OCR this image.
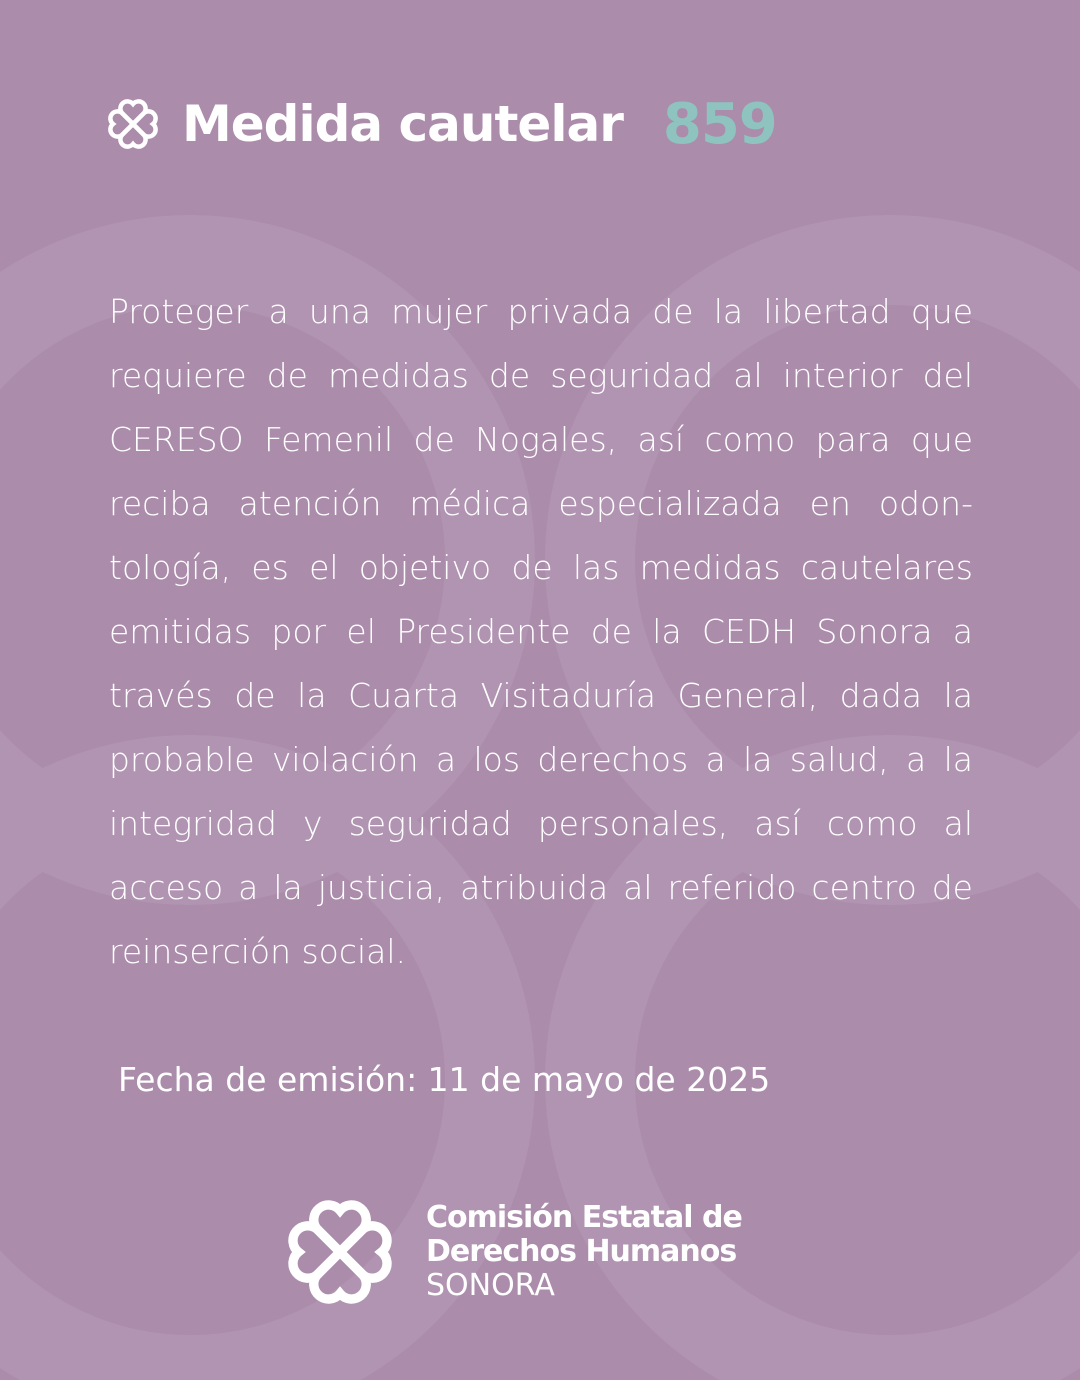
Medida cautelar 859

Proteger a una mujer privada de la libertad que requiere de medidas de seguridad al interior del CERESO Femenil de Nogales, así como para que reciba atención médica especializada en odon-tología, es el objetivo de las medidas cautelares emitidas por el Presidente de la CEDH Sonora a través de la Cuarta Visitaduría General, dada la probable violación a los derechos a la salud, a la integridad y seguridad personales, así como al acceso a la justicia, atribuida al referido centro de reinserción social.

Fecha de emisión: 11 de mayo de 2025
Comisión Estatal de
Derechos Humanos
SONORA
